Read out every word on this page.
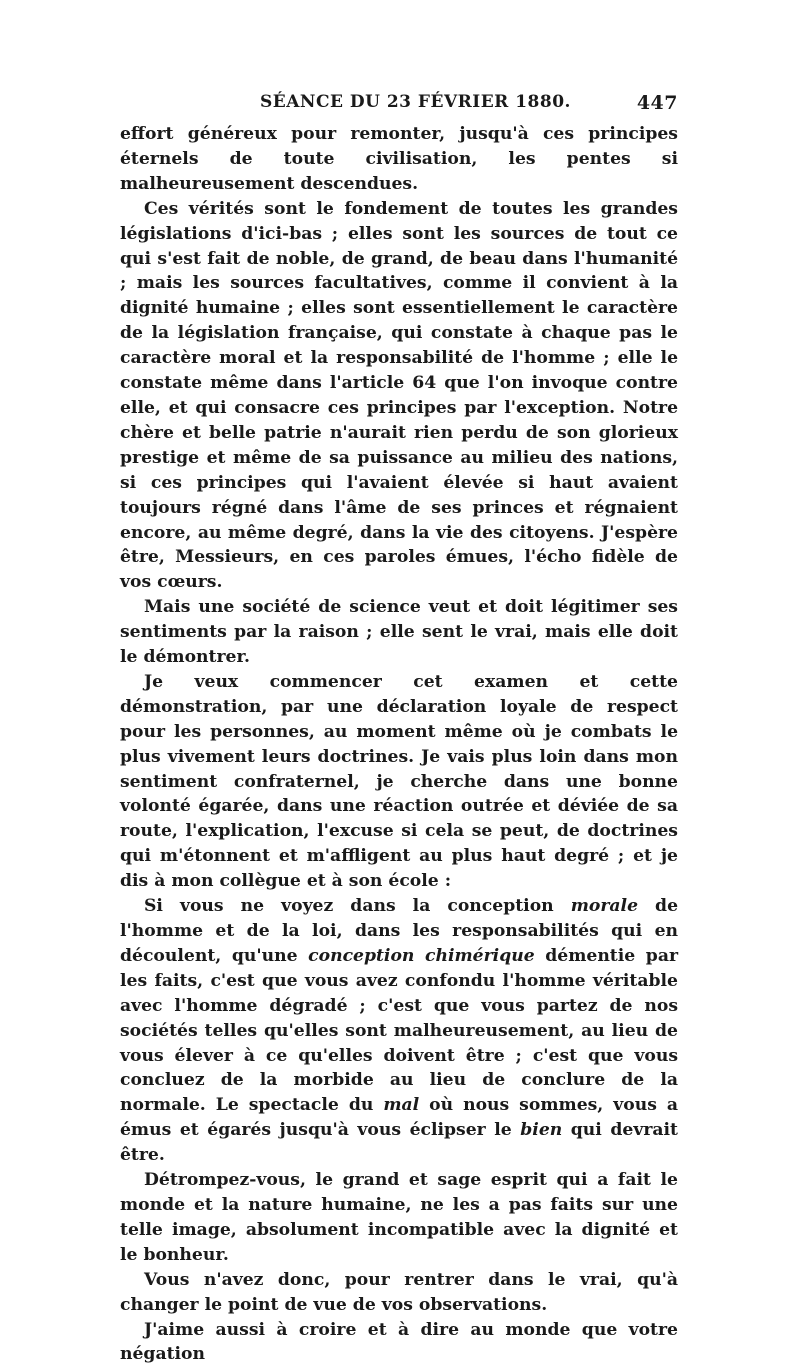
SÉANCE DU 23 FÉVRIER 1880.	447

effort généreux pour remonter, jusqu'à ces principes éternels de toute civilisation, les pentes si malheureusement descendues.

Ces vérités sont le fondement de toutes les grandes législations d'ici-bas ; elles sont les sources de tout ce qui s'est fait de noble, de grand, de beau dans l'humanité ; mais les sources facultatives, comme il convient à la dignité humaine ; elles sont essentiellement le caractère de la législation française, qui constate à chaque pas le caractère moral et la responsabilité de l'homme ; elle le constate même dans l'article 64 que l'on invoque contre elle, et qui consacre ces principes par l'exception. Notre chère et belle patrie n'aurait rien perdu de son glorieux prestige et même de sa puissance au milieu des nations, si ces principes qui l'avaient élevée si haut avaient toujours régné dans l'âme de ses princes et régnaient encore, au même degré, dans la vie des citoyens. J'espère être, Messieurs, en ces paroles émues, l'écho fidèle de vos cœurs.

Mais une société de science veut et doit légitimer ses sentiments par la raison ; elle sent le vrai, mais elle doit le démontrer.

Je veux commencer cet examen et cette démonstration, par une déclaration loyale de respect pour les personnes, au moment même où je combats le plus vivement leurs doctrines. Je vais plus loin dans mon sentiment confraternel, je cherche dans une bonne volonté égarée, dans une réaction outrée et déviée de sa route, l'explication, l'excuse si cela se peut, de doctrines qui m'étonnent et m'affligent au plus haut degré ; et je dis à mon collègue et à son école :

Si vous ne voyez dans la conception morale de l'homme et de la loi, dans les responsabilités qui en découlent, qu'une conception chimérique démentie par les faits, c'est que vous avez confondu l'homme véritable avec l'homme dégradé ; c'est que vous partez de nos sociétés telles qu'elles sont malheureusement, au lieu de vous élever à ce qu'elles doivent être ; c'est que vous concluez de la morbide au lieu de conclure de la normale. Le spectacle du mal où nous sommes, vous a émus et égarés jusqu'à vous éclipser le bien qui devrait être.

Détrompez-vous, le grand et sage esprit qui a fait le monde et la nature humaine, ne les a pas faits sur une telle image, absolument incompatible avec la dignité et le bonheur.

Vous n'avez donc, pour rentrer dans le vrai, qu'à changer le point de vue de vos observations.

J'aime aussi à croire et à dire au monde que votre négation
